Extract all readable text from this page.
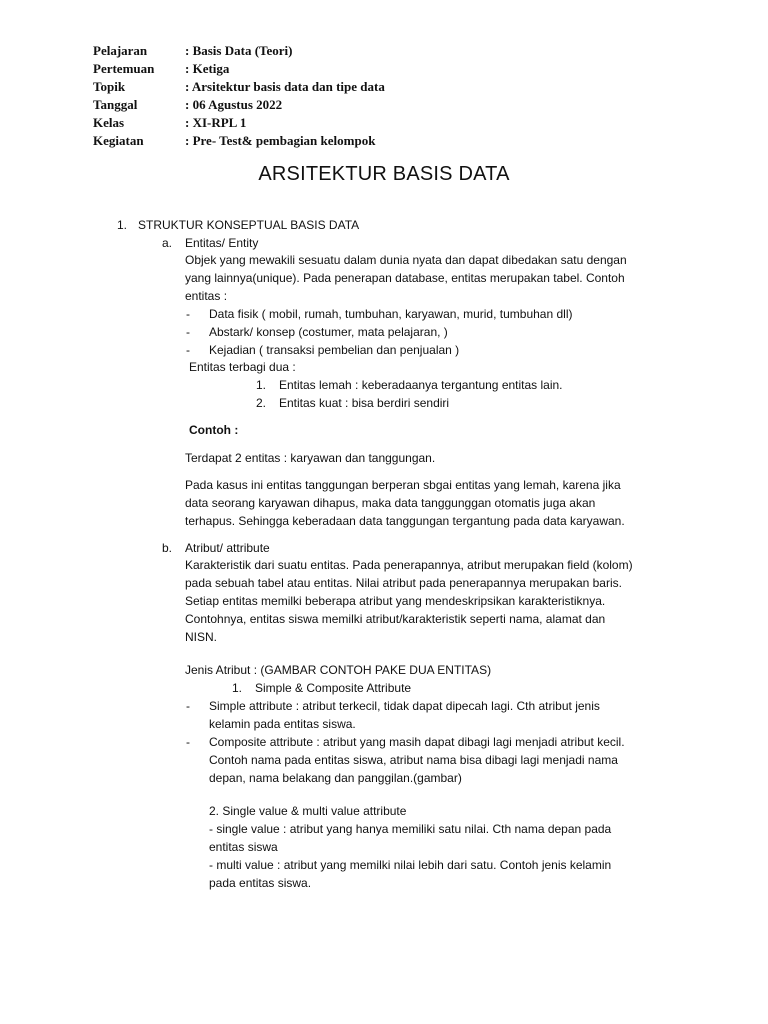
Pelajaran	: Basis Data (Teori)
Pertemuan	: Ketiga
Topik	: Arsitektur basis data dan tipe data
Tanggal	: 06 Agustus 2022
Kelas	: XI-RPL 1
Kegiatan	: Pre- Test& pembagian kelompok
ARSITEKTUR BASIS DATA
1. STRUKTUR KONSEPTUAL BASIS DATA
a. Entitas/ Entity
Objek yang mewakili sesuatu dalam dunia nyata dan dapat dibedakan satu dengan
yang lainnya(unique). Pada penerapan database, entitas merupakan tabel. Contoh
entitas :
- Data fisik ( mobil, rumah, tumbuhan, karyawan, murid, tumbuhan dll)
- Abstark/ konsep (costumer, mata pelajaran, )
- Kejadian ( transaksi pembelian dan penjualan )
Entitas terbagi dua :
1. Entitas lemah : keberadaanya tergantung entitas lain.
2. Entitas kuat : bisa berdiri sendiri
Contoh :
Terdapat 2 entitas : karyawan dan tanggungan.
Pada kasus ini entitas tanggungan berperan sbgai entitas yang lemah, karena jika
data seorang karyawan dihapus, maka data tanggunggan otomatis juga akan
terhapus. Sehingga keberadaan data tanggungan tergantung pada data karyawan.
b. Atribut/ attribute
Karakteristik dari suatu entitas. Pada penerapannya, atribut merupakan field (kolom)
pada sebuah tabel atau entitas. Nilai atribut pada penerapannya merupakan baris.
Setiap entitas memilki beberapa atribut yang mendeskripsikan karakteristiknya.
Contohnya, entitas siswa memilki atribut/karakteristik seperti nama, alamat dan
NISN.
Jenis Atribut : (GAMBAR CONTOH PAKE DUA ENTITAS)
1. Simple & Composite Attribute
- Simple attribute : atribut terkecil, tidak dapat dipecah lagi. Cth atribut jenis
kelamin pada entitas siswa.
- Composite attribute : atribut yang masih dapat dibagi lagi menjadi atribut kecil.
Contoh nama pada entitas siswa, atribut nama bisa dibagi lagi menjadi nama
depan, nama belakang dan panggilan.(gambar)
2. Single value & multi value attribute
- single value : atribut yang hanya memiliki satu nilai. Cth nama depan pada
entitas siswa
- multi value : atribut yang memilki nilai lebih dari satu. Contoh jenis kelamin
pada entitas siswa.
